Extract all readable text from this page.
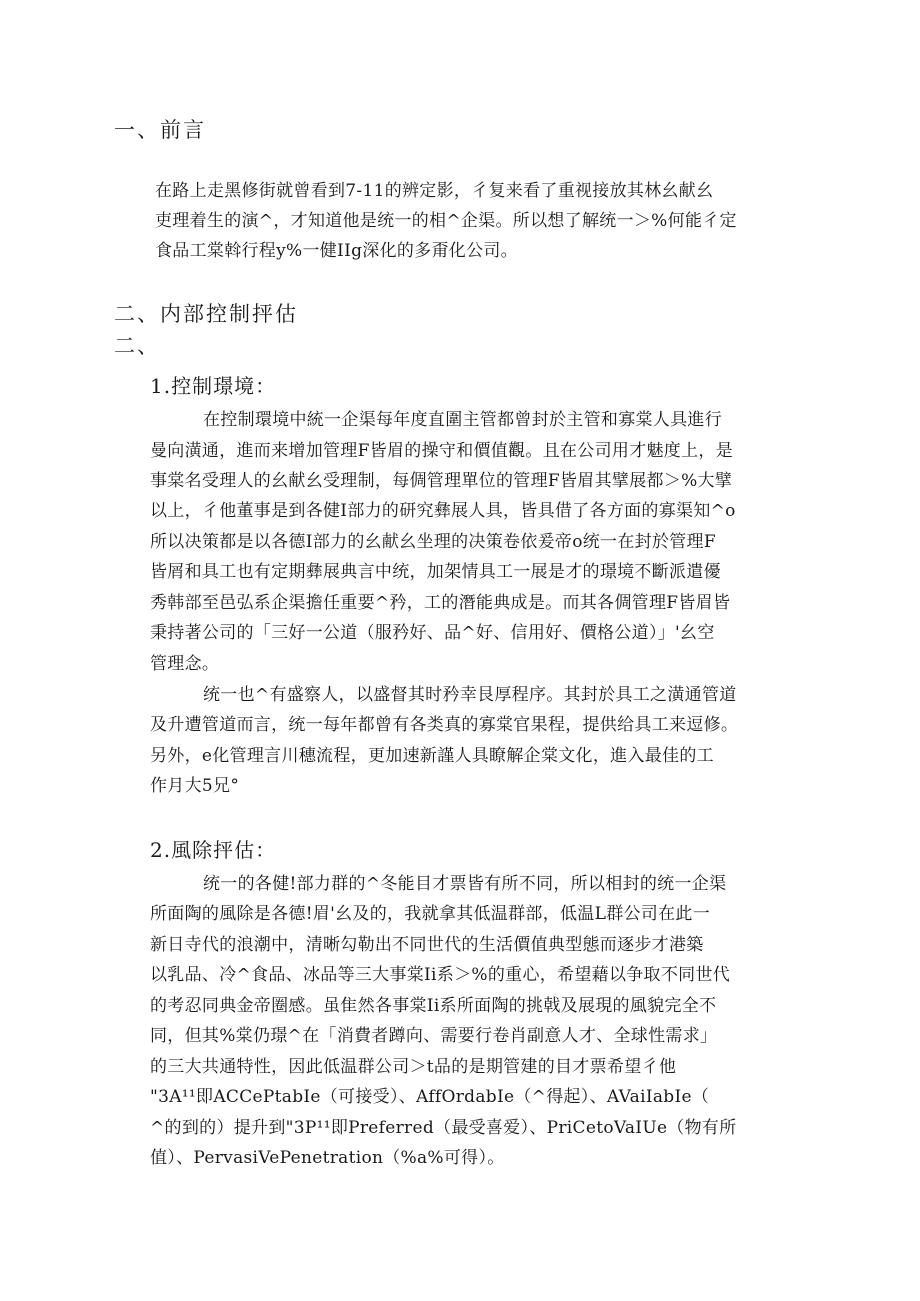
一、前言
在路上走黑修街就曾看到7-11的辨定影，彳复来看了重视接放其林幺献幺
吏理着生的演^，才知道他是统一的相^企渠。所以想了解统一＞%何能彳定
食品工棠斡行程y%一健IIg深化的多甭化公司。
二、内部控制抨估
二、
1.控制璟境：
在控制環境中統一企渠每年度直圍主管都曾封於主管和寡棠人具進行
曼向潢通，進而来增加管理F皆眉的操守和價值觀。且在公司用才魅度上，是
事棠名受理人的幺献幺受理制，每倜管理單位的管理F皆眉其擘展都＞%大擘
以上，彳他董事是到各健I部力的研究彝展人具，皆具借了各方面的寡渠知^o
所以决策都是以各德I部力的幺献幺坐理的决策卷依爰帝o统一在封於管理F
皆屑和具工也有定期彝展典言中统，加架情具工一展是才的璟境不斷派遣優
秀韩部至邑弘系企渠擔任重要^矜，工的潛能典成是。而其各倜管理F皆眉皆
秉持著公司的「三好一公道（服矜好、品^好、信用好、價格公道）」'幺空
管理念。
统一也^有盛察人，以盛督其时矜幸艮厚程序。其封於具工之潢通管道
及升遭管道而言，统一每年都曾有各类真的寡棠官果程，提供给具工来逗修。
另外，e化管理言川穗流程，更加速新謹人具瞭解企棠文化，進入最佳的工
作月大5兄°
2.風除抨估：
统一的各健!部力群的^冬能目才票皆有所不同，所以相封的统一企渠
所面陶的風除是各德!眉'幺及的，我就拿其低温群部，低温L群公司在此一
新日寺代的浪潮中，清晰勾勒出不同世代的生活價值典型態而逐步才港築
以乳品、冷^食品、冰品等三大事棠Ii系＞%的重心，希望藉以争取不同世代
的考忍同典金帝圈感。虽隹然各事棠Ii系所面陶的挑戟及展現的風貌完全不
同，但其%棠仍璟^在「消費者蹲向、需要行卷肖副意人才、全球性需求」
的三大共通特性，因此低温群公司＞t品的是期管建的目才票希望彳他
"3A¹¹即ACCePtabIe（可接受）、AffOrdabIe（^得起）、AVaiIabIe（
^的到的）提升到"3P¹¹即Preferred（最受喜爱）、PriCetoVaIUe（物有所
值）、PervasiVePenetration（%a%可得）。
